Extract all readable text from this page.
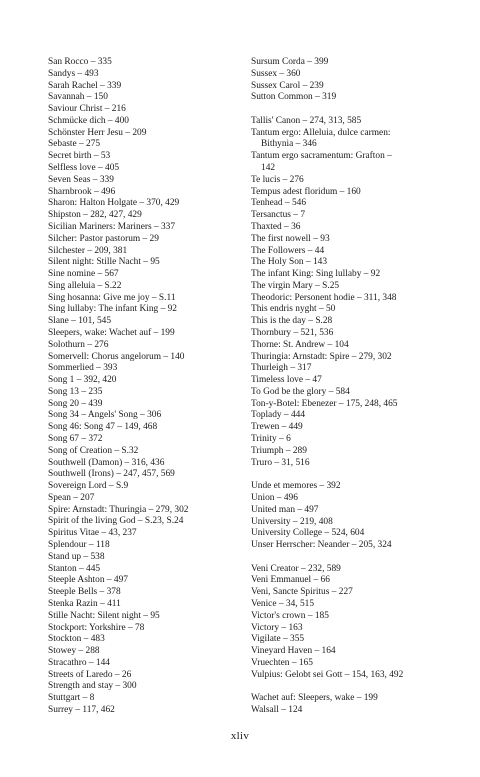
San Rocco – 335
Sandys – 493
Sarah Rachel – 339
Savannah – 150
Saviour Christ – 216
Schmücke dich – 400
Schönster Herr Jesu – 209
Sebaste – 275
Secret birth – 53
Selfless love – 405
Seven Seas – 339
Sharnbrook – 496
Sharon: Halton Holgate – 370, 429
Shipston – 282, 427, 429
Sicilian Mariners: Mariners – 337
Silcher: Pastor pastorum – 29
Silchester – 209, 381
Silent night: Stille Nacht – 95
Sine nomine – 567
Sing alleluia – S.22
Sing hosanna: Give me joy – S.11
Sing lullaby: The infant King – 92
Slane – 101, 545
Sleepers, wake: Wachet auf – 199
Solothurn – 276
Somervell: Chorus angelorum – 140
Sommerlied – 393
Song 1 – 392, 420
Song 13 – 235
Song 20 – 439
Song 34 – Angels' Song – 306
Song 46: Song 47 – 149, 468
Song 67 – 372
Song of Creation – S.32
Southwell (Damon) – 316, 436
Southwell (Irons) – 247, 457, 569
Sovereign Lord – S.9
Spean – 207
Spire: Arnstadt: Thuringia – 279, 302
Spirit of the living God – S.23, S.24
Spiritus Vitae – 43, 237
Splendour – 118
Stand up – 538
Stanton – 445
Steeple Ashton – 497
Steeple Bells – 378
Stenka Razin – 411
Stille Nacht: Silent night – 95
Stockport: Yorkshire – 78
Stockton – 483
Stowey – 288
Stracathro – 144
Streets of Laredo – 26
Strength and stay – 300
Stuttgart – 8
Surrey – 117, 462
Sursum Corda – 399
Sussex – 360
Sussex Carol – 239
Sutton Common – 319
Tallis' Canon – 274, 313, 585
Tantum ergo: Alleluia, dulce carmen:
Bithynia – 346
Tantum ergo sacramentum: Grafton –
142
Te lucis – 276
Tempus adest floridum – 160
Tenhead – 546
Tersanctus – 7
Thaxted – 36
The first nowell – 93
The Followers – 44
The Holy Son – 143
The infant King: Sing lullaby – 92
The virgin Mary – S.25
Theodoric: Personent hodie – 311, 348
This endris nyght – 50
This is the day – S.28
Thornbury – 521, 536
Thorne: St. Andrew – 104
Thuringia: Arnstadt: Spire – 279, 302
Thurleigh – 317
Timeless love – 47
To God be the glory – 584
Ton-y-Botel: Ebenezer – 175, 248, 465
Toplady – 444
Trewen – 449
Trinity – 6
Triumph – 289
Truro – 31, 516
Unde et memores – 392
Union – 496
United man – 497
University – 219, 408
University College – 524, 604
Unser Herrscher: Neander – 205, 324
Veni Creator – 232, 589
Veni Emmanuel – 66
Veni, Sancte Spiritus – 227
Venice – 34, 515
Victor's crown – 185
Victory – 163
Vigilate – 355
Vineyard Haven – 164
Vruechten – 165
Vulpius: Gelobt sei Gott – 154, 163, 492
Wachet auf: Sleepers, wake – 199
Walsall – 124
xliv
